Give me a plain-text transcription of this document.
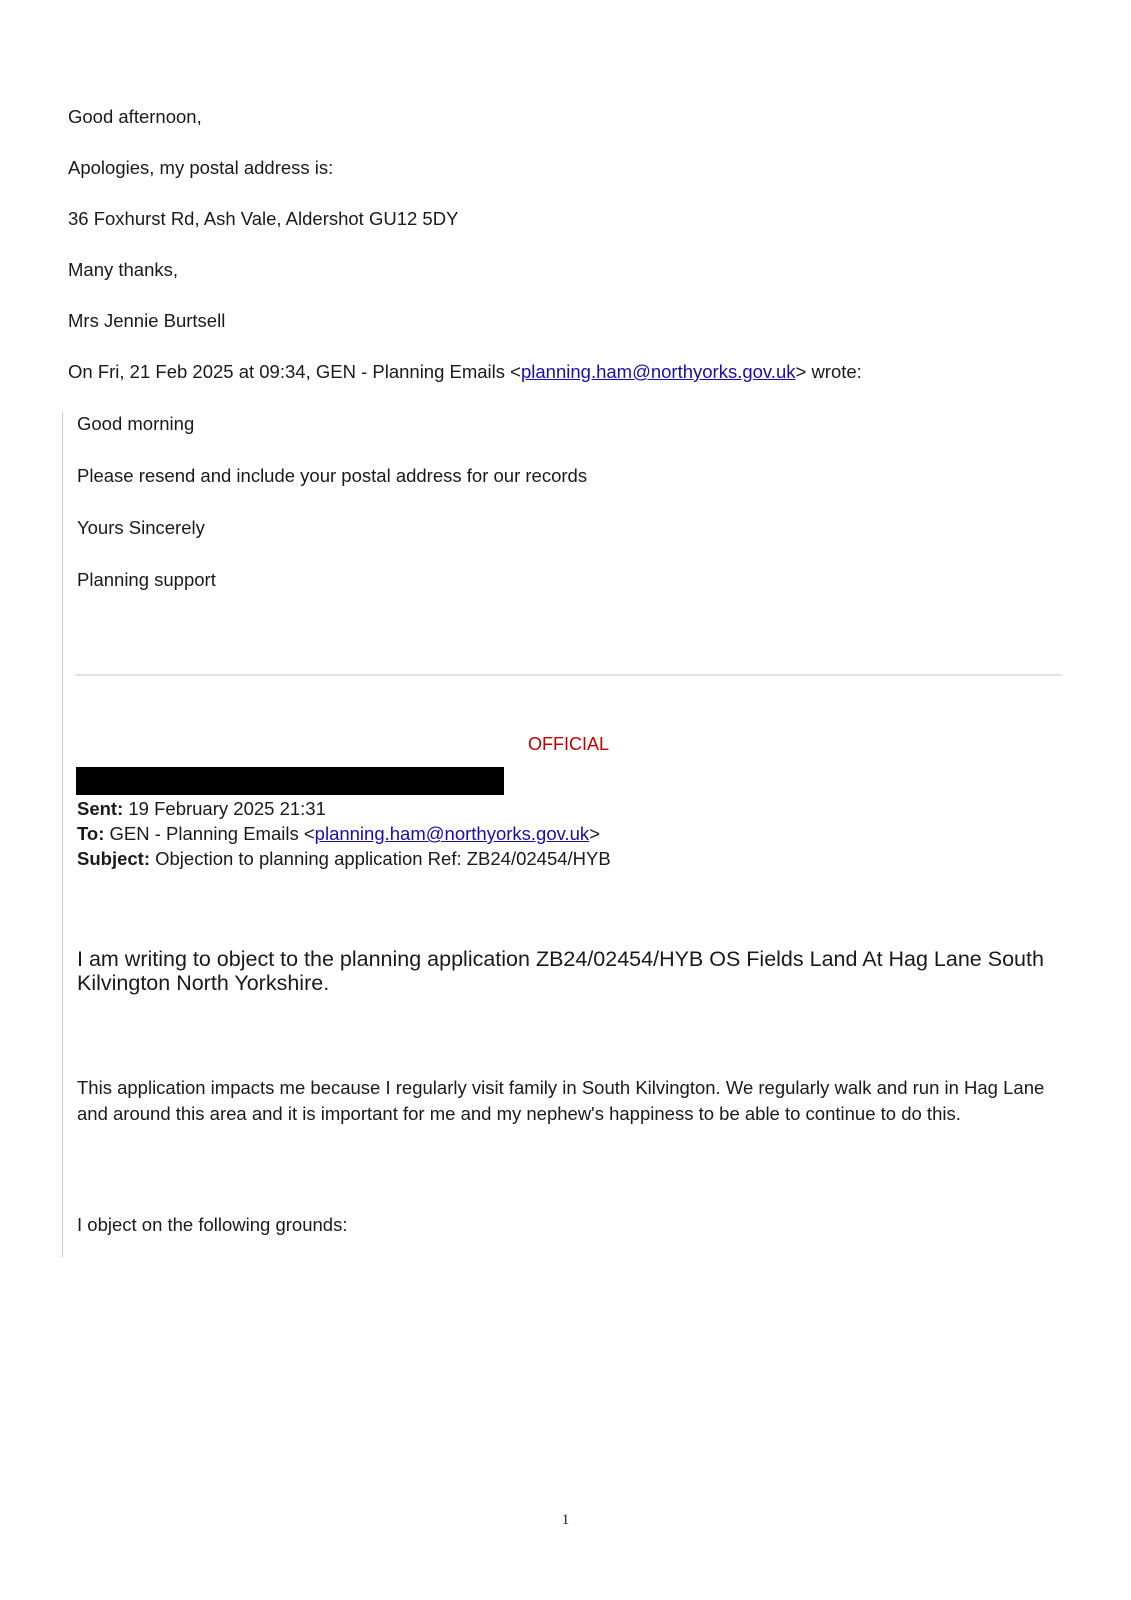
Good afternoon,

Apologies, my postal address is:

36 Foxhurst Rd, Ash Vale, Aldershot GU12 5DY

Many thanks,

Mrs Jennie Burtsell

On Fri, 21 Feb 2025 at 09:34, GEN - Planning Emails <planning.ham@northyorks.gov.uk> wrote:

Good morning

Please resend and include your postal address for our records

Yours Sincerely

Planning support

OFFICIAL
Sent: 19 February 2025 21:31
To: GEN - Planning Emails <planning.ham@northyorks.gov.uk>
Subject: Objection to planning application Ref: ZB24/02454/HYB
I am writing to object to the planning application ZB24/02454/HYB OS Fields Land At Hag Lane South Kilvington North Yorkshire.
This application impacts me because I regularly visit family in South Kilvington. We regularly walk and run in Hag Lane and around this area and it is important for me and my nephew's happiness to be able to continue to do this.

I object on the following grounds:

1
